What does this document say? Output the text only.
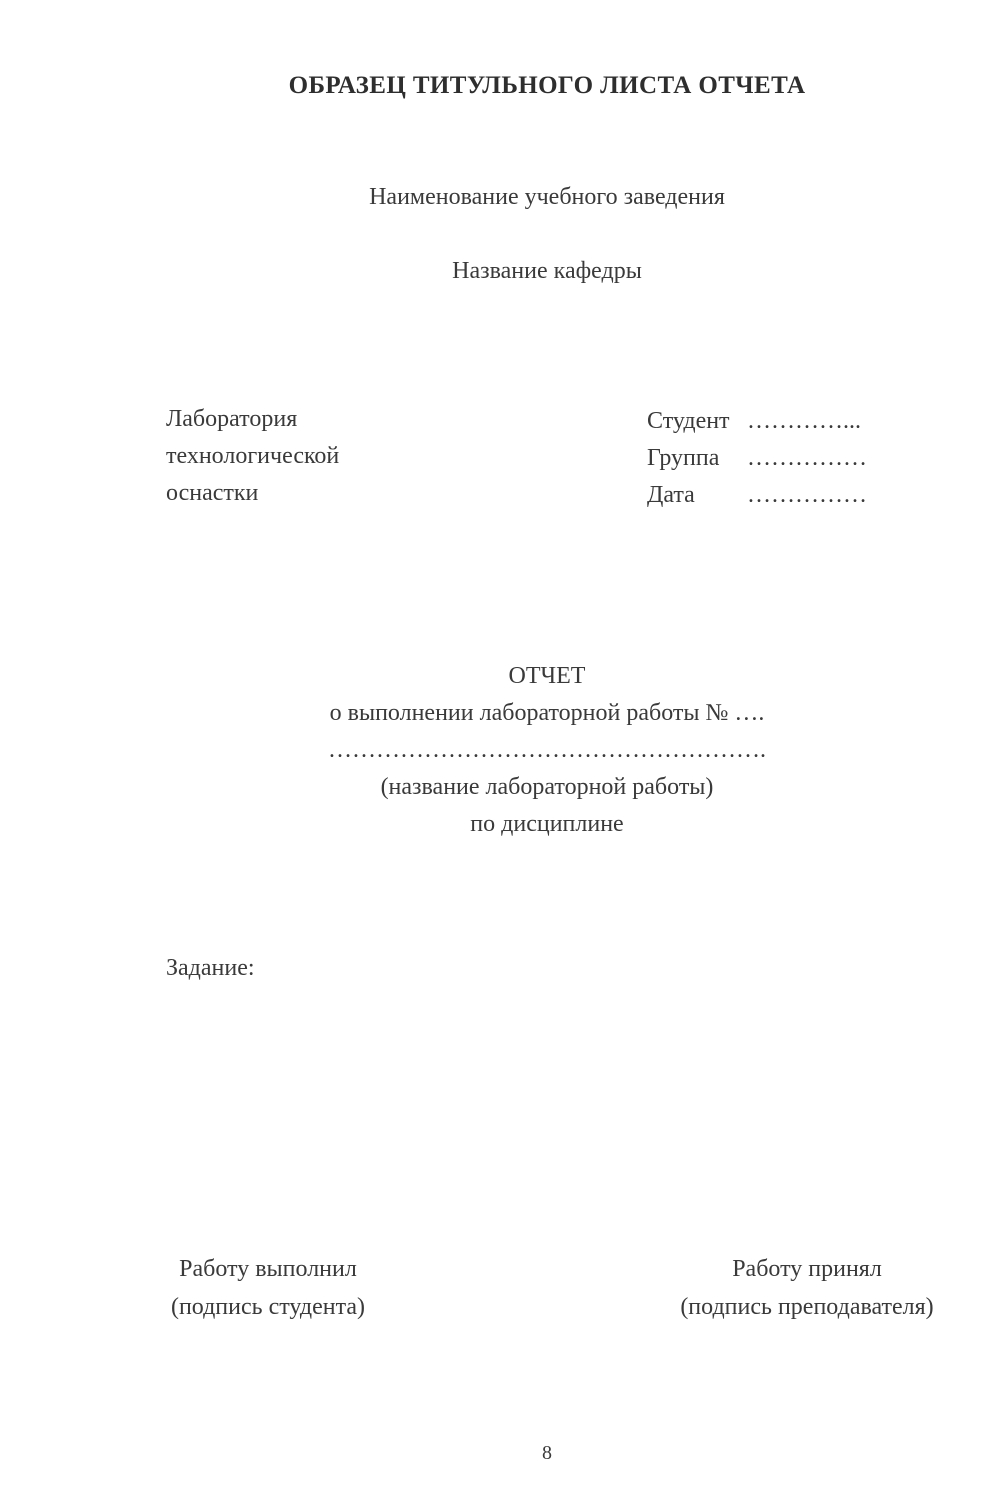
ОБРАЗЕЦ ТИТУЛЬНОГО ЛИСТА ОТЧЕТА
Наименование учебного заведения
Название кафедры
Лаборатория
технологической
оснастки
Студент …………...
Группа	……………
Дата	……………
ОТЧЕТ
о выполнении лабораторной работы № ….
……………………………………………….
(название лабораторной работы)
по дисциплине
Задание:
Работу выполнил
(подпись студента)
Работу принял
(подпись преподавателя)
8
